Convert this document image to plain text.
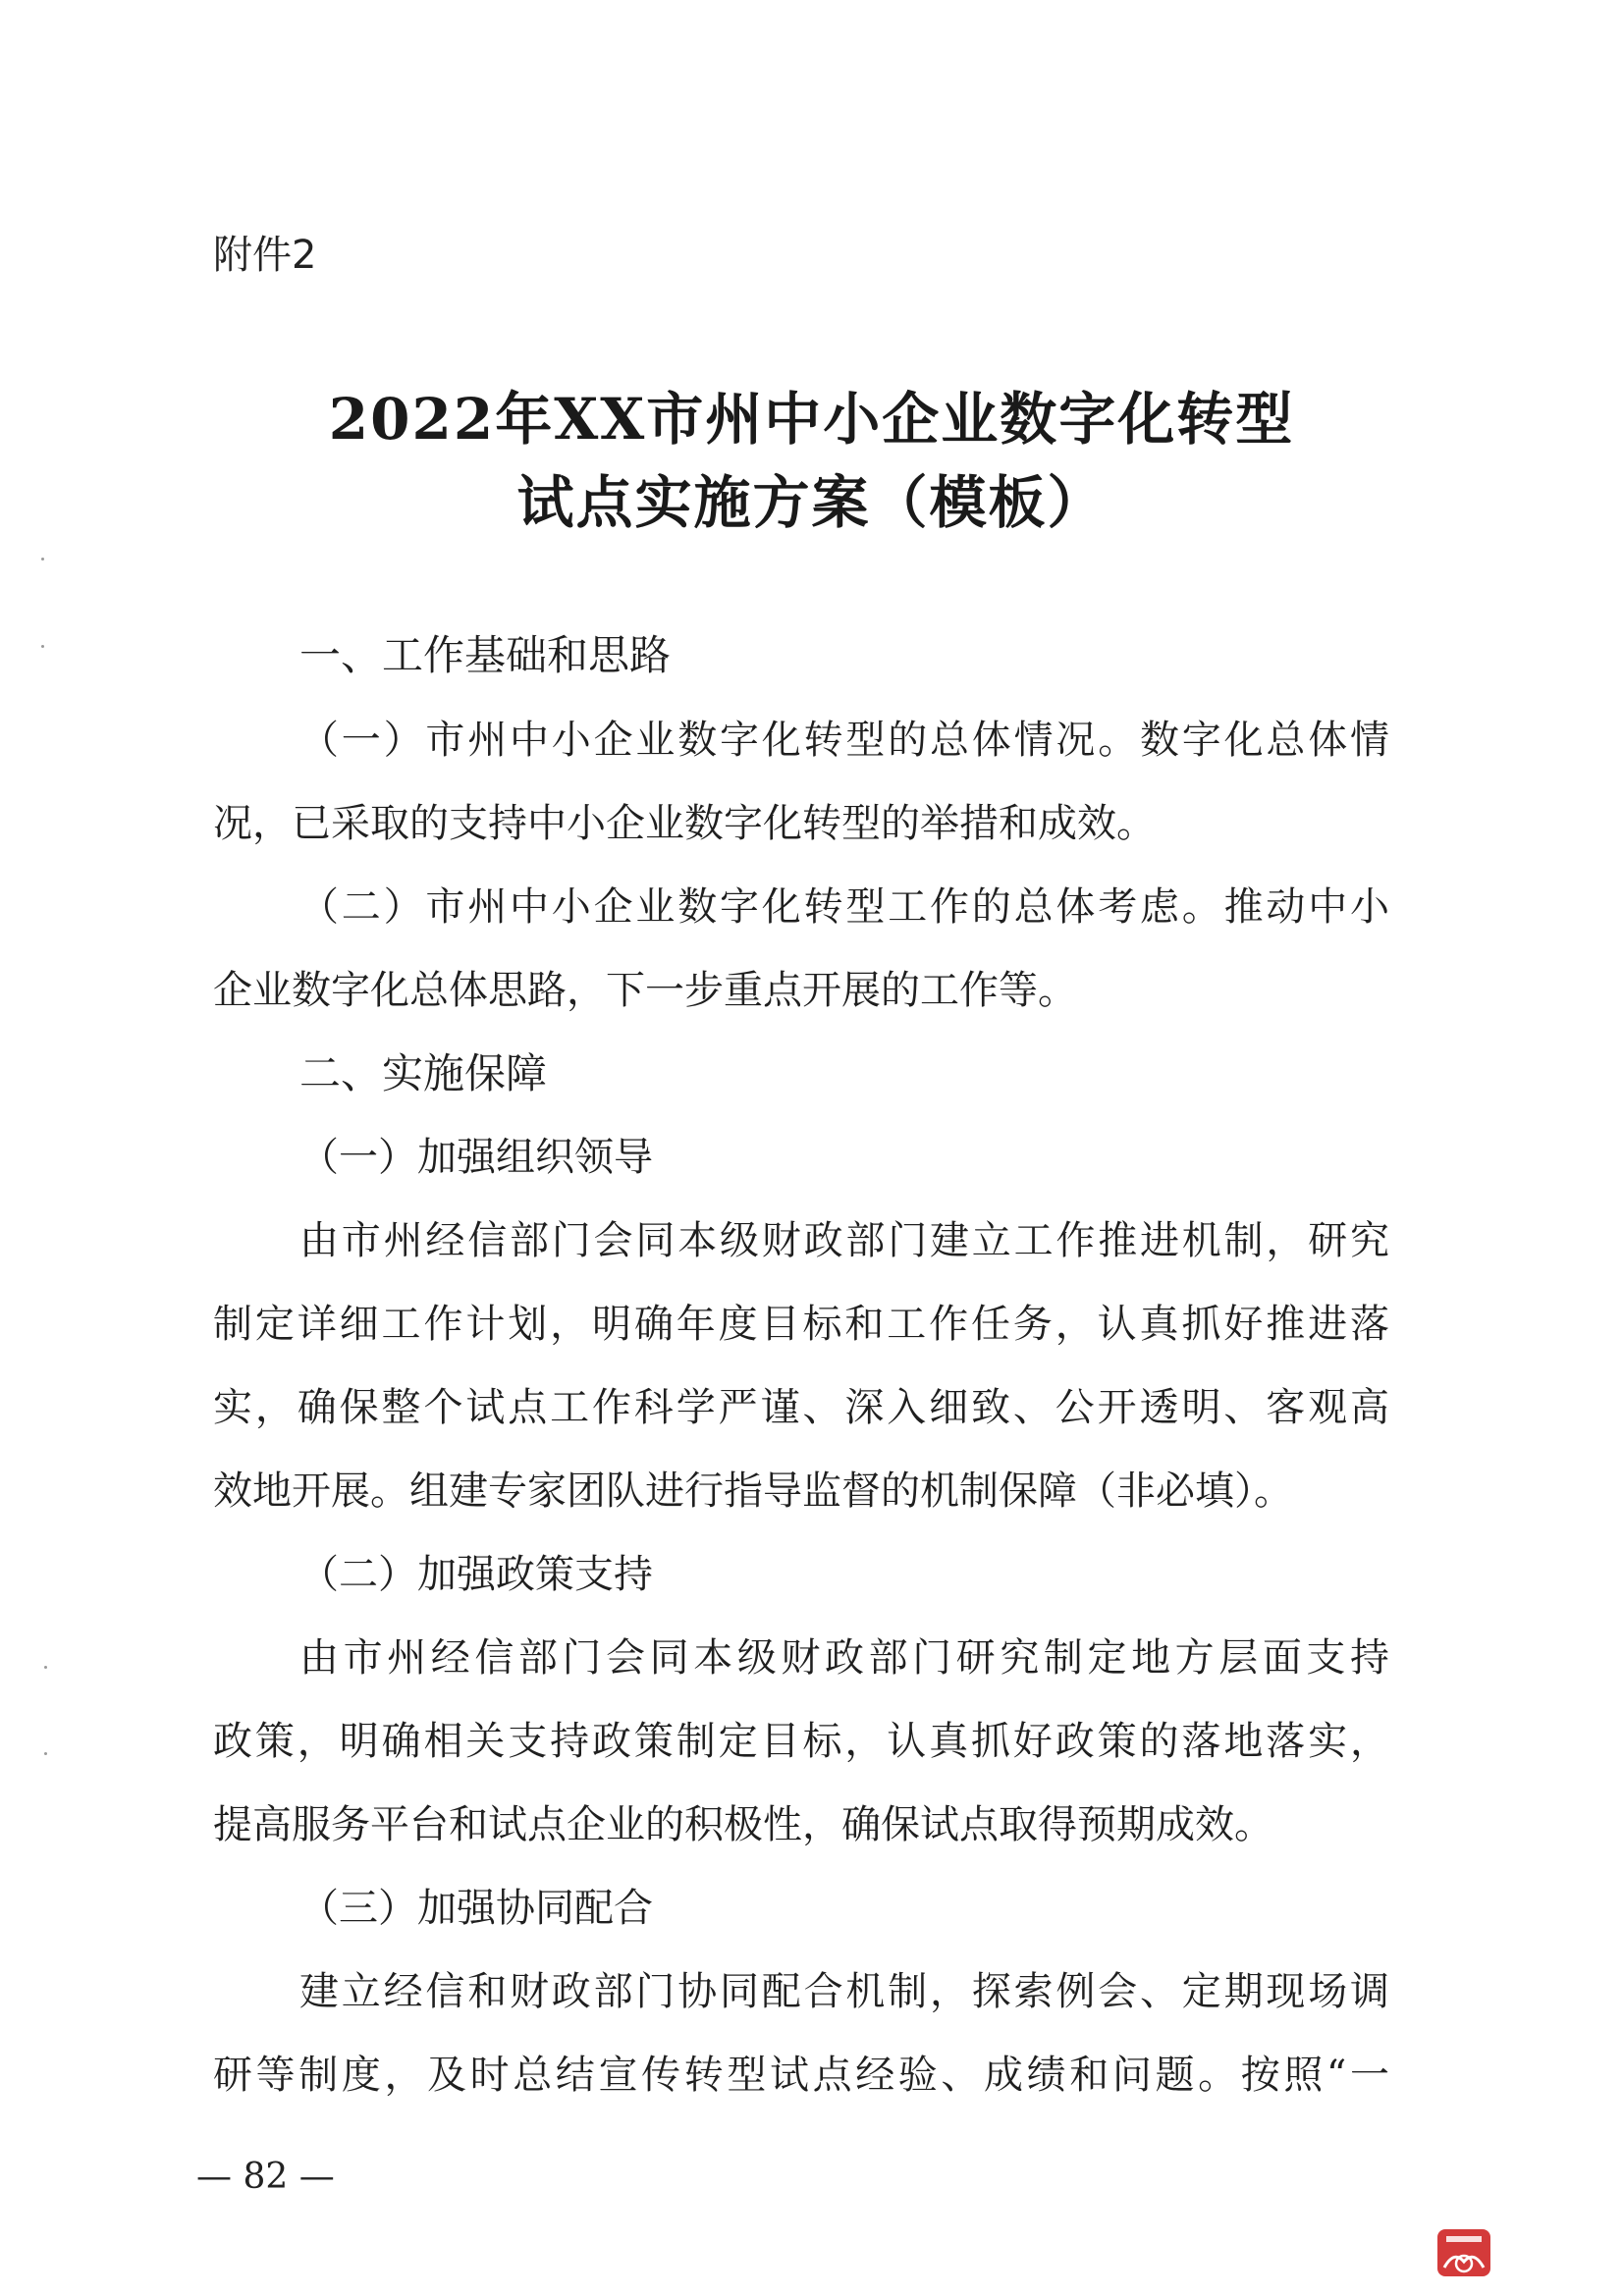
附件2
2022年XX市州中小企业数字化转型
试点实施方案（模板）
一、工作基础和思路
（一）市州中小企业数字化转型的总体情况。数字化总体情
况，已采取的支持中小企业数字化转型的举措和成效。
（二）市州中小企业数字化转型工作的总体考虑。推动中小
企业数字化总体思路，下一步重点开展的工作等。
二、实施保障
（一）加强组织领导
由市州经信部门会同本级财政部门建立工作推进机制，研究
制定详细工作计划，明确年度目标和工作任务，认真抓好推进落
实，确保整个试点工作科学严谨、深入细致、公开透明、客观高
效地开展。组建专家团队进行指导监督的机制保障（非必填）。
（二）加强政策支持
由市州经信部门会同本级财政部门研究制定地方层面支持
政策，明确相关支持政策制定目标，认真抓好政策的落地落实，
提高服务平台和试点企业的积极性，确保试点取得预期成效。
（三）加强协同配合
建立经信和财政部门协同配合机制，探索例会、定期现场调
研等制度，及时总结宣传转型试点经验、成绩和问题。按照“一
— 82 —
